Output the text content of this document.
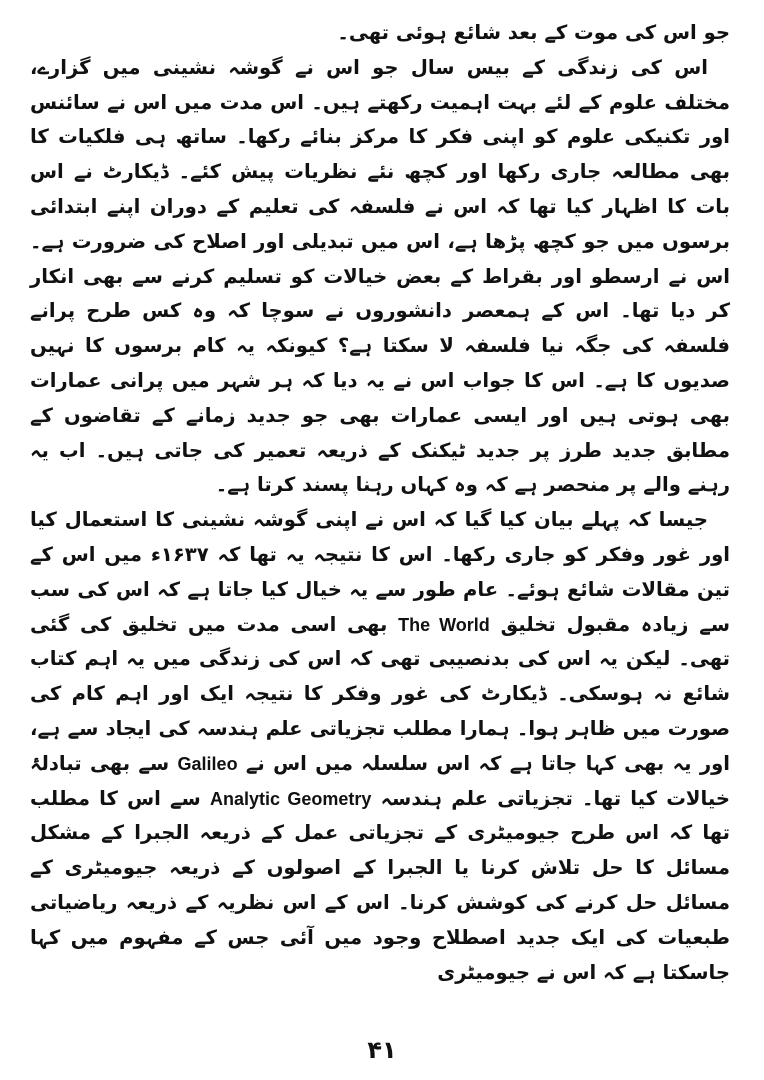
جو اس کی موت کے بعد شائع ہوئی تھی۔

اس کی زندگی کے بیس سال جو اس نے گوشہ نشینی میں گزارے، مختلف علوم کے لئے بہت اہمیت رکھتے ہیں۔ اس مدت میں اس نے سائنس اور تکنیکی علوم کو اپنی فکر کا مرکز بنائے رکھا۔ ساتھ ہی فلکیات کا بھی مطالعہ جاری رکھا اور کچھ نئے نظریات پیش کئے۔ ڈیکارٹ نے اس بات کا اظہار کیا تھا کہ اس نے فلسفہ کی تعلیم کے دوران اپنے ابتدائی برسوں میں جو کچھ پڑھا ہے، اس میں تبدیلی اور اصلاح کی ضرورت ہے۔ اس نے ارسطو اور بقراط کے بعض خیالات کو تسلیم کرنے سے بھی انکار کر دیا تھا۔ اس کے ہمعصر دانشوروں نے سوچا کہ وہ کس طرح پرانے فلسفہ کی جگہ نیا فلسفہ لا سکتا ہے؟ کیونکہ یہ کام برسوں کا نہیں صدیوں کا ہے۔ اس کا جواب اس نے یہ دیا کہ ہر شہر میں پرانی عمارات بھی ہوتی ہیں اور ایسی عمارات بھی جو جدید زمانے کے تقاضوں کے مطابق جدید طرز پر جدید ٹیکنک کے ذریعہ تعمیر کی جاتی ہیں۔ اب یہ رہنے والے پر منحصر ہے کہ وہ کہاں رہنا پسند کرتا ہے۔

جیسا کہ پہلے بیان کیا گیا کہ اس نے اپنی گوشہ نشینی کا استعمال کیا اور غور وفکر کو جاری رکھا۔ اس کا نتیجہ یہ تھا کہ ۱۶۳۷ء میں اس کے تین مقالات شائع ہوئے۔ عام طور سے یہ خیال کیا جاتا ہے کہ اس کی سب سے زیادہ مقبول تخلیق The World بھی اسی مدت میں تخلیق کی گئی تھی۔ لیکن یہ اس کی بدنصیبی تھی کہ اس کی زندگی میں یہ اہم کتاب شائع نہ ہوسکی۔ ڈیکارٹ کی غور وفکر کا نتیجہ ایک اور اہم کام کی صورت میں ظاہر ہوا۔ ہمارا مطلب تجزیاتی علم ہندسہ کی ایجاد سے ہے، اور یہ بھی کہا جاتا ہے کہ اس سلسلہ میں اس نے Galileo سے بھی تبادلۂ خیالات کیا تھا۔ تجزیاتی علم ہندسہ Analytic Geometry سے اس کا مطلب تھا کہ اس طرح جیومیٹری کے تجزیاتی عمل کے ذریعہ الجبرا کے مشکل مسائل کا حل تلاش کرنا یا الجبرا کے اصولوں کے ذریعہ جیومیٹری کے مسائل حل کرنے کی کوشش کرنا۔ اس کے اس نظریہ کے ذریعہ ریاضیاتی طبعیات کی ایک جدید اصطلاح وجود میں آئی جس کے مفہوم میں کہا جاسکتا ہے کہ اس نے جیومیٹری

۴۱
